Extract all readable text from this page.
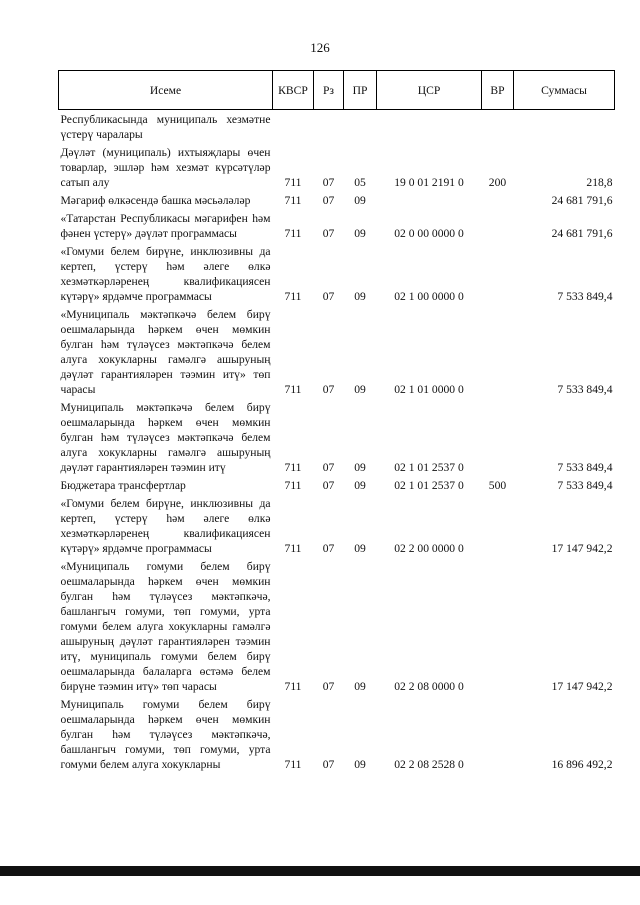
126
Исеме	КВСР	Рз	ПР	ЦСР	ВР	Суммасы
Республикасында муниципаль хезмәтне үстерү чаралары						
Дәүләт (муниципаль) ихтыяҗлары өчен товарлар, эшләр һәм хезмәт күрсәтүләр сатып алу	711	07	05	19 0 01 2191 0	200	218,8
Мәгариф өлкәсендә башка мәсьәләләр	711	07	09			24 681 791,6
«Татарстан Республикасы мәгарифен һәм фәнен үстерү» дәүләт программасы	711	07	09	02 0 00 0000 0		24 681 791,6
«Гомуми белем бирүне, инклюзивны да кертеп, үстерү һәм әлеге өлкә хезмәткәрләренең квалификациясен күтәрү» ярдәмче программасы	711	07	09	02 1 00 0000 0		7 533 849,4
«Муниципаль мәктәпкәчә белем бирү оешмаларында һәркем өчен мөмкин булган һәм түләүсез мәктәпкәчә белем алуга хокукларны гамәлгә ашыруның дәүләт гарантияләрен тәэмин итү» төп чарасы	711	07	09	02 1 01 0000 0		7 533 849,4
Муниципаль мәктәпкәчә белем бирү оешмаларында һәркем өчен мөмкин булган һәм түләүсез мәктәпкәчә белем алуга хокукларны гамәлгә ашыруның дәүләт гарантияләрен тәэмин итү	711	07	09	02 1 01 2537 0		7 533 849,4
Бюджетара трансфертлар	711	07	09	02 1 01 2537 0	500	7 533 849,4
«Гомуми белем бирүне, инклюзивны да кертеп, үстерү һәм әлеге өлкә хезмәткәрләренең квалификациясен күтәрү» ярдәмче программасы	711	07	09	02 2 00 0000 0		17 147 942,2
«Муниципаль гомуми белем бирү оешмаларында һәркем өчен мөмкин булган һәм түләүсез мәктәпкәчә, башлангыч гомуми, төп гомуми, урта гомуми белем алуга хокукларны гамәлгә ашыруның дәүләт гарантияләрен тәэмин итү, муниципаль гомуми белем бирү оешмаларында балаларга өстәмә белем бирүне тәэмин итү» төп чарасы	711	07	09	02 2 08 0000 0		17 147 942,2
Муниципаль гомуми белем бирү оешмаларында һәркем өчен мөмкин булган һәм түләүсез мәктәпкәчә, башлангыч гомуми, төп гомуми, урта гомуми белем алуга хокукларны	711	07	09	02 2 08 2528 0		16 896 492,2
